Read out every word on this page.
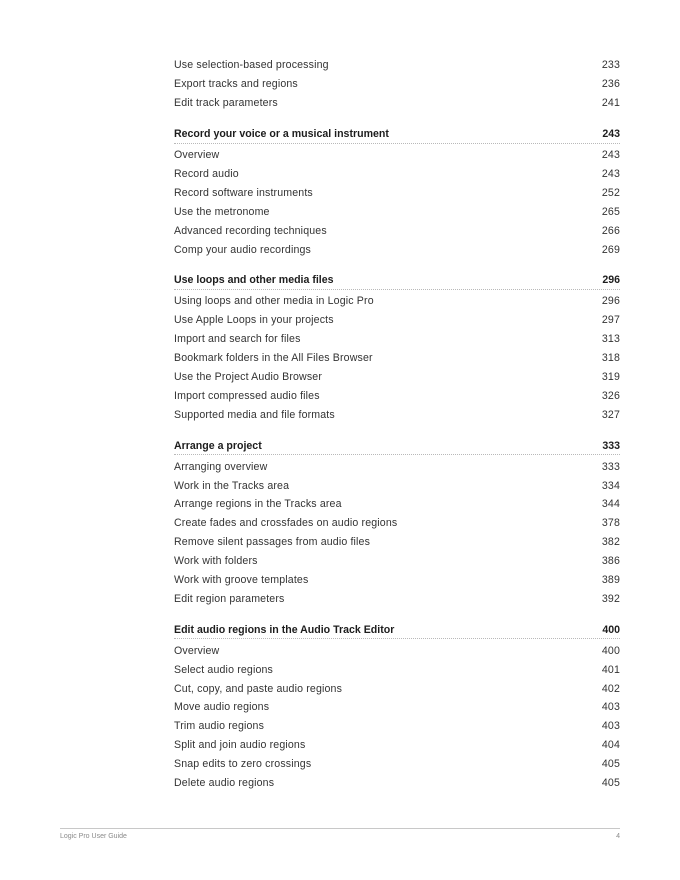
Use selection-based processing	233
Export tracks and regions	236
Edit track parameters	241
Record your voice or a musical instrument	243
Overview	243
Record audio	243
Record software instruments	252
Use the metronome	265
Advanced recording techniques	266
Comp your audio recordings	269
Use loops and other media files	296
Using loops and other media in Logic Pro	296
Use Apple Loops in your projects	297
Import and search for files	313
Bookmark folders in the All Files Browser	318
Use the Project Audio Browser	319
Import compressed audio files	326
Supported media and file formats	327
Arrange a project	333
Arranging overview	333
Work in the Tracks area	334
Arrange regions in the Tracks area	344
Create fades and crossfades on audio regions	378
Remove silent passages from audio files	382
Work with folders	386
Work with groove templates	389
Edit region parameters	392
Edit audio regions in the Audio Track Editor	400
Overview	400
Select audio regions	401
Cut, copy, and paste audio regions	402
Move audio regions	403
Trim audio regions	403
Split and join audio regions	404
Snap edits to zero crossings	405
Delete audio regions	405
Logic Pro User Guide	4
